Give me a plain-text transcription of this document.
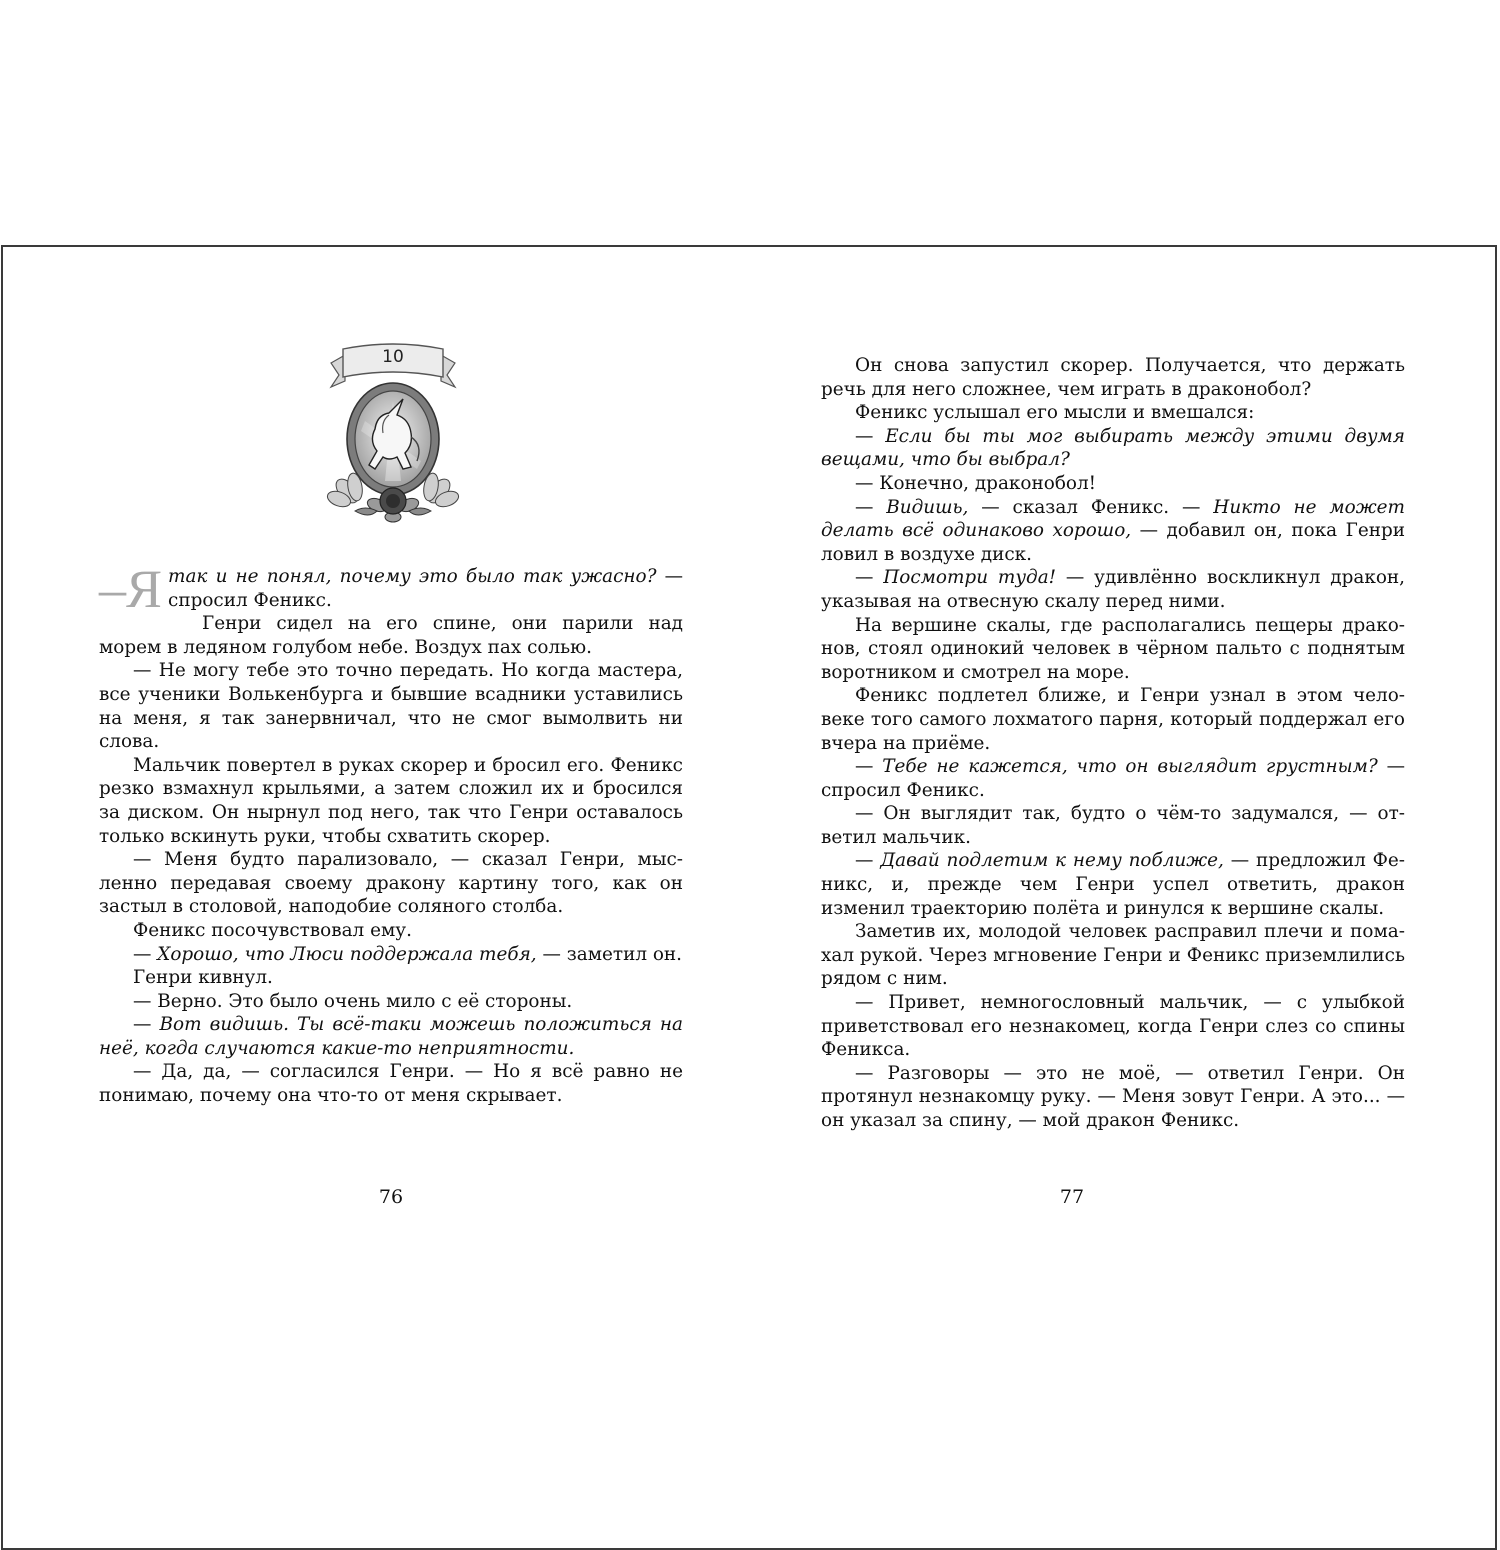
10

–Я так и не понял, почему это было так ужасно? — спросил Феникс.

Генри сидел на его спине, они парили над морем в ледяном голубом небе. Воздух пах солью.

— Не могу тебе это точно передать. Но когда мастера, все ученики Волькенбурга и бывшие всадники уставились на меня, я так занервничал, что не смог вымолвить ни слова.

Мальчик повертел в руках скорер и бросил его. Феникс резко взмахнул крыльями, а затем сложил их и бросился за диском. Он нырнул под него, так что Генри оставалось только вскинуть руки, чтобы схватить скорер.

— Меня будто парализовало, — сказал Генри, мысленно передавая своему дракону картину того, как он застыл в столовой, наподобие соляного столба.

Феникс посочувствовал ему.

— Хорошо, что Люси поддержала тебя, — заметил он.

Генри кивнул.

— Верно. Это было очень мило с её стороны.

— Вот видишь. Ты всё-таки можешь положиться на неё, когда случаются какие-то неприятности.

— Да, да, — согласился Генри. — Но я всё равно не понимаю, почему она что-то от меня скрывает.

76

Он снова запустил скорер. Получается, что держать речь для него сложнее, чем играть в драконобол?

Феникс услышал его мысли и вмешался:

— Если бы ты мог выбирать между этими двумя вещами, что бы выбрал?

— Конечно, драконобол!

— Видишь, — сказал Феникс. — Никто не может делать всё одинаково хорошо, — добавил он, пока Генри ловил в воздухе диск.

— Посмотри туда! — удивлённо воскликнул дракон, указывая на отвесную скалу перед ними.

На вершине скалы, где располагались пещеры драконов, стоял одинокий человек в чёрном пальто с поднятым воротником и смотрел на море.

Феникс подлетел ближе, и Генри узнал в этом человеке того самого лохматого парня, который поддержал его вчера на приёме.

— Тебе не кажется, что он выглядит грустным? — спросил Феникс.

— Он выглядит так, будто о чём-то задумался, — ответил мальчик.

— Давай подлетим к нему поближе, — предложил Феникс, и, прежде чем Генри успел ответить, дракон изменил траекторию полёта и ринулся к вершине скалы.

Заметив их, молодой человек расправил плечи и помахал рукой. Через мгновение Генри и Феникс приземлились рядом с ним.

— Привет, немногословный мальчик, — с улыбкой приветствовал его незнакомец, когда Генри слез со спины Феникса.

— Разговоры — это не моё, — ответил Генри. Он протянул незнакомцу руку. — Меня зовут Генри. А это... — он указал за спину, — мой дракон Феникс.

77
